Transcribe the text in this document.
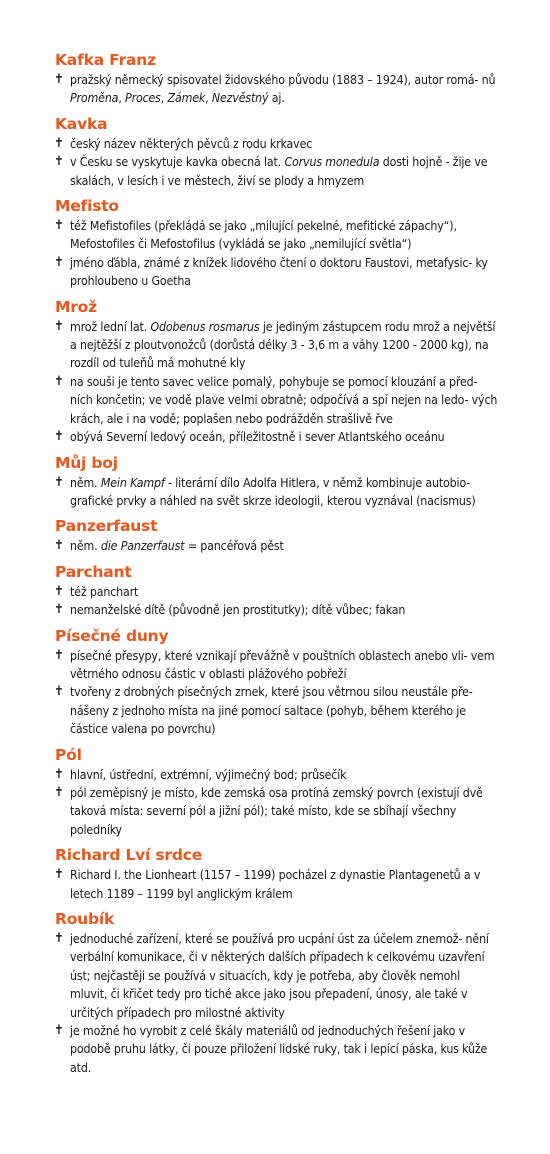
Kafka Franz
✝ pražský německý spisovatel židovského původu (1883 – 1924), autor romá- nů Proměna, Proces, Zámek, Nezvěstný aj.
Kavka
✝ český název některých pěvců z rodu krkavec
✝ v Česku se vyskytuje kavka obecná lat. Corvus monedula dosti hojně - žije ve skalách, v lesích i ve městech, živí se plody a hmyzem
Mefisto
✝ též Mefistofiles (překládá se jako „milující pekelné, mefitické zápachy“), Mefostofiles či Mefostofilus (vykládá se jako „nemilující světla“)
✝ jméno ďábla, známé z knížek lidového čtení o doktoru Faustovi, metafysic- ky prohloubeno u Goetha
Mrož
✝ mrož lední lat. Odobenus rosmarus je jediným zástupcem rodu mrož a největší a nejtěžší z ploutvonožců (dorůstá délky 3 - 3,6 m a váhy 1200 - 2000 kg), na rozdíl od tuleňů má mohutné kly
✝ na souši je tento savec velice pomalý, pohybuje se pomocí klouzání a před- ních končetin; ve vodě plave velmi obratně; odpočívá a spí nejen na ledo- vých krách, ale i na vodě; poplašen nebo podrážděn strašlivě řve
✝ obývá Severní ledový oceán, příležitostně i sever Atlantského oceánu
Můj boj
✝ něm. Mein Kampf - literární dílo Adolfa Hitlera, v němž kombinuje autobio- grafické prvky a náhled na svět skrze ideologii, kterou vyznával (nacismus)
Panzerfaust
✝ něm. die Panzerfaust = pancéřová pěst
Parchant
✝ též panchart
✝ nemanželské dítě (původně jen prostitutky); dítě vůbec; fakan
Písečné duny
✝ písečné přesypy, které vznikají převážně v pouštních oblastech anebo vli- vem větrného odnosu částic v oblasti plážového pobřeží
✝ tvořeny z drobných písečných zrnek, které jsou větrnou silou neustále pře- nášeny z jednoho místa na jiné pomocí saltace (pohyb, během kterého je částice valena po povrchu)
Pól
✝ hlavní, ústřední, extrémní, výjimečný bod; průsečík
✝ pól zeměpisný je místo, kde zemská osa protíná zemský povrch (existují dvě taková místa: severní pól a jižní pól); také místo, kde se sbíhají všechny poledníky
Richard Lví srdce
✝ Richard I. the Lionheart (1157 – 1199) pocházel z dynastie Plantagenetů a v letech 1189 – 1199 byl anglickým králem
Roubík
✝ jednoduché zařízení, které se používá pro ucpání úst za účelem znemož- nění verbální komunikace, či v některých dalších případech k celkovému uzavření úst; nejčastěji se používá v situacích, kdy je potřeba, aby člověk nemohl mluvit, či křičet tedy pro tiché akce jako jsou přepadení, únosy, ale také v určitých případech pro milostné aktivity
✝ je možné ho vyrobit z celé škály materiálů od jednoduchých řešení jako v podobě pruhu látky, či pouze přiložení lidské ruky, tak i lepící páska, kus kůže atd.
